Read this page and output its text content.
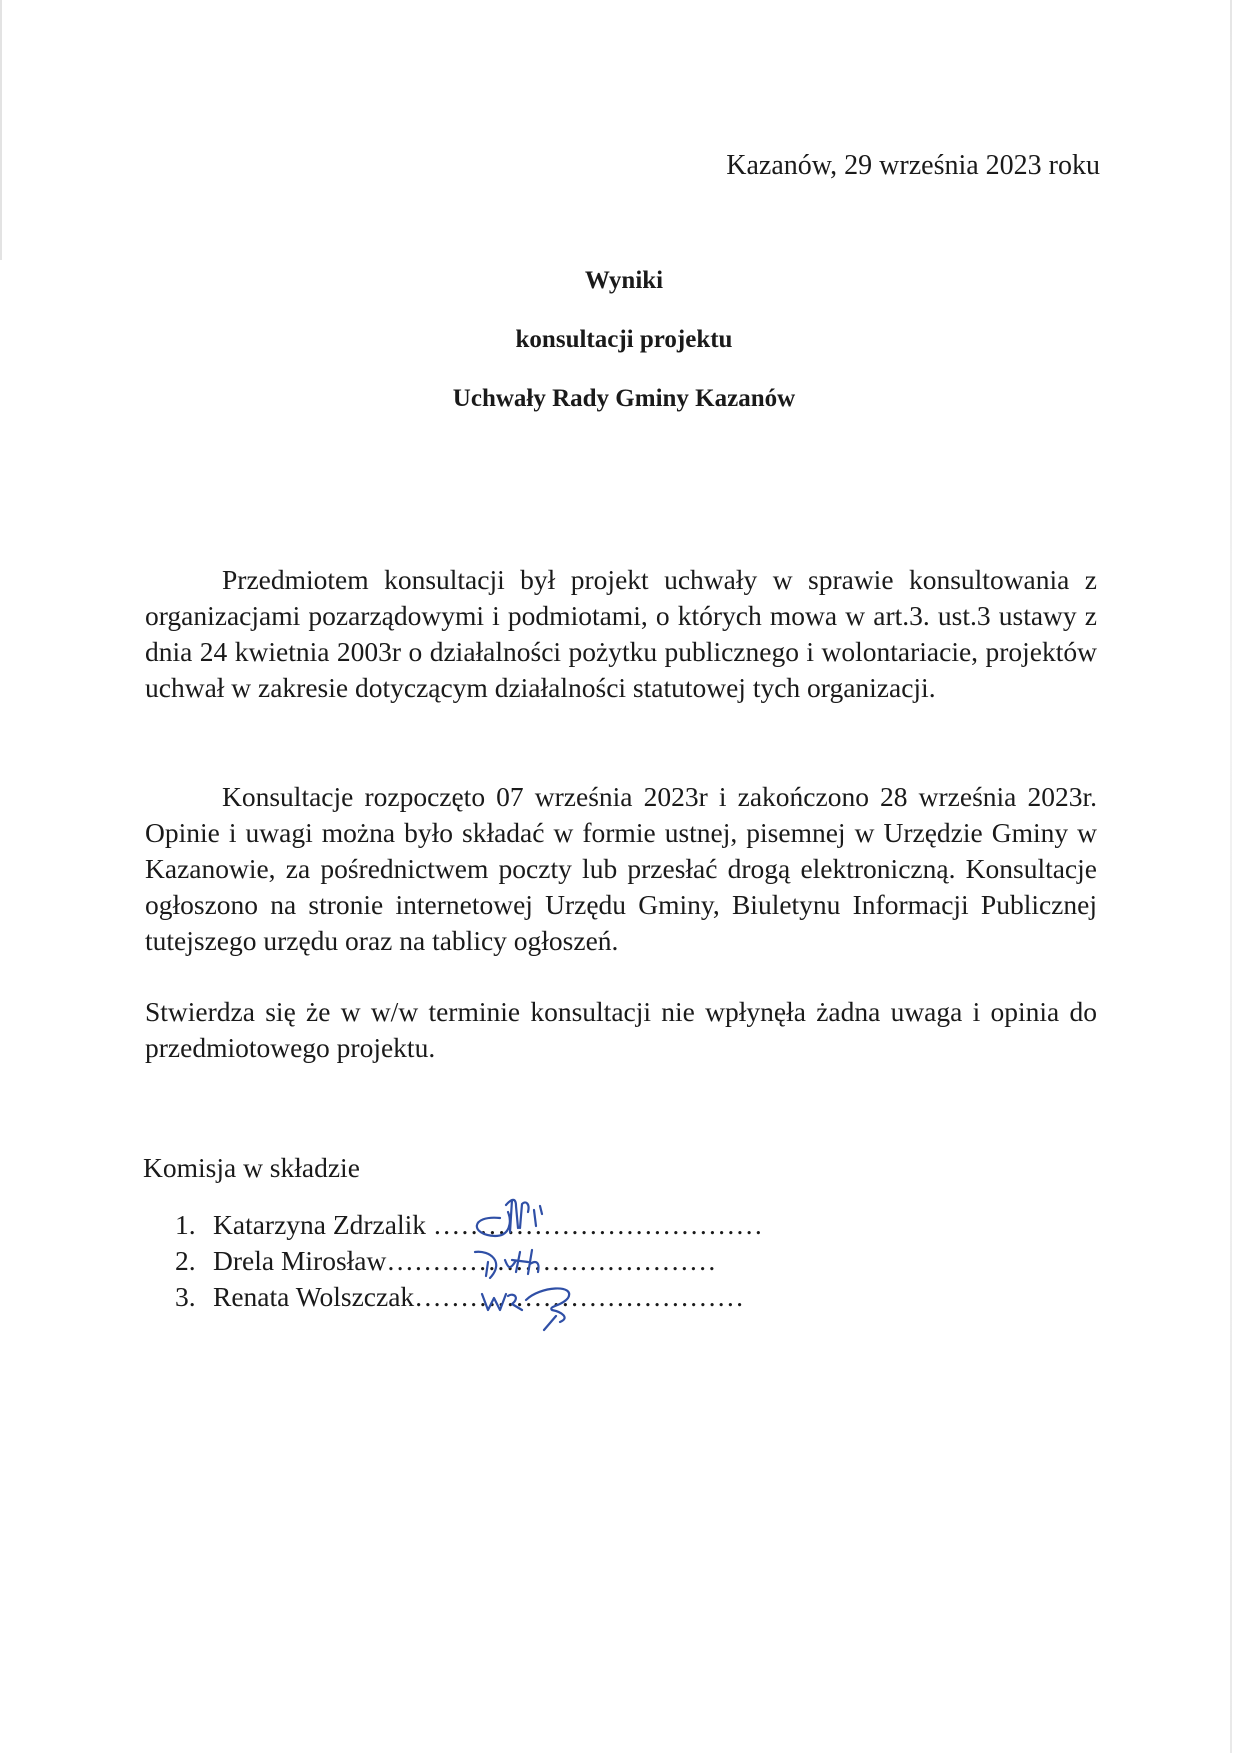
Kazanów, 29 września 2023 roku
Wyniki
konsultacji projektu
Uchwały Rady Gminy Kazanów

Przedmiotem konsultacji był projekt uchwały w sprawie konsultowania z organizacjami pozarządowymi i podmiotami, o których mowa w art.3. ust.3 ustawy z dnia 24 kwietnia 2003r o działalności pożytku publicznego i wolontariacie, projektów uchwał w zakresie dotyczącym działalności statutowej tych organizacji.

Konsultacje rozpoczęto 07 września 2023r i zakończono 28 września 2023r. Opinie i uwagi można było składać w formie ustnej, pisemnej w Urzędzie Gminy w Kazanowie, za pośrednictwem poczty lub przesłać drogą elektroniczną. Konsultacje ogłoszono na stronie internetowej Urzędu Gminy, Biuletynu Informacji Publicznej tutejszego urzędu oraz na tablicy ogłoszeń.

Stwierdza się że w w/w terminie konsultacji nie wpłynęła żadna uwaga i opinia do przedmiotowego projektu.

Komisja w składzie
1. Katarzyna Zdrzalik ………………………………
2. Drela Mirosław………………………………
3. Renata Wolszczak………………………………
